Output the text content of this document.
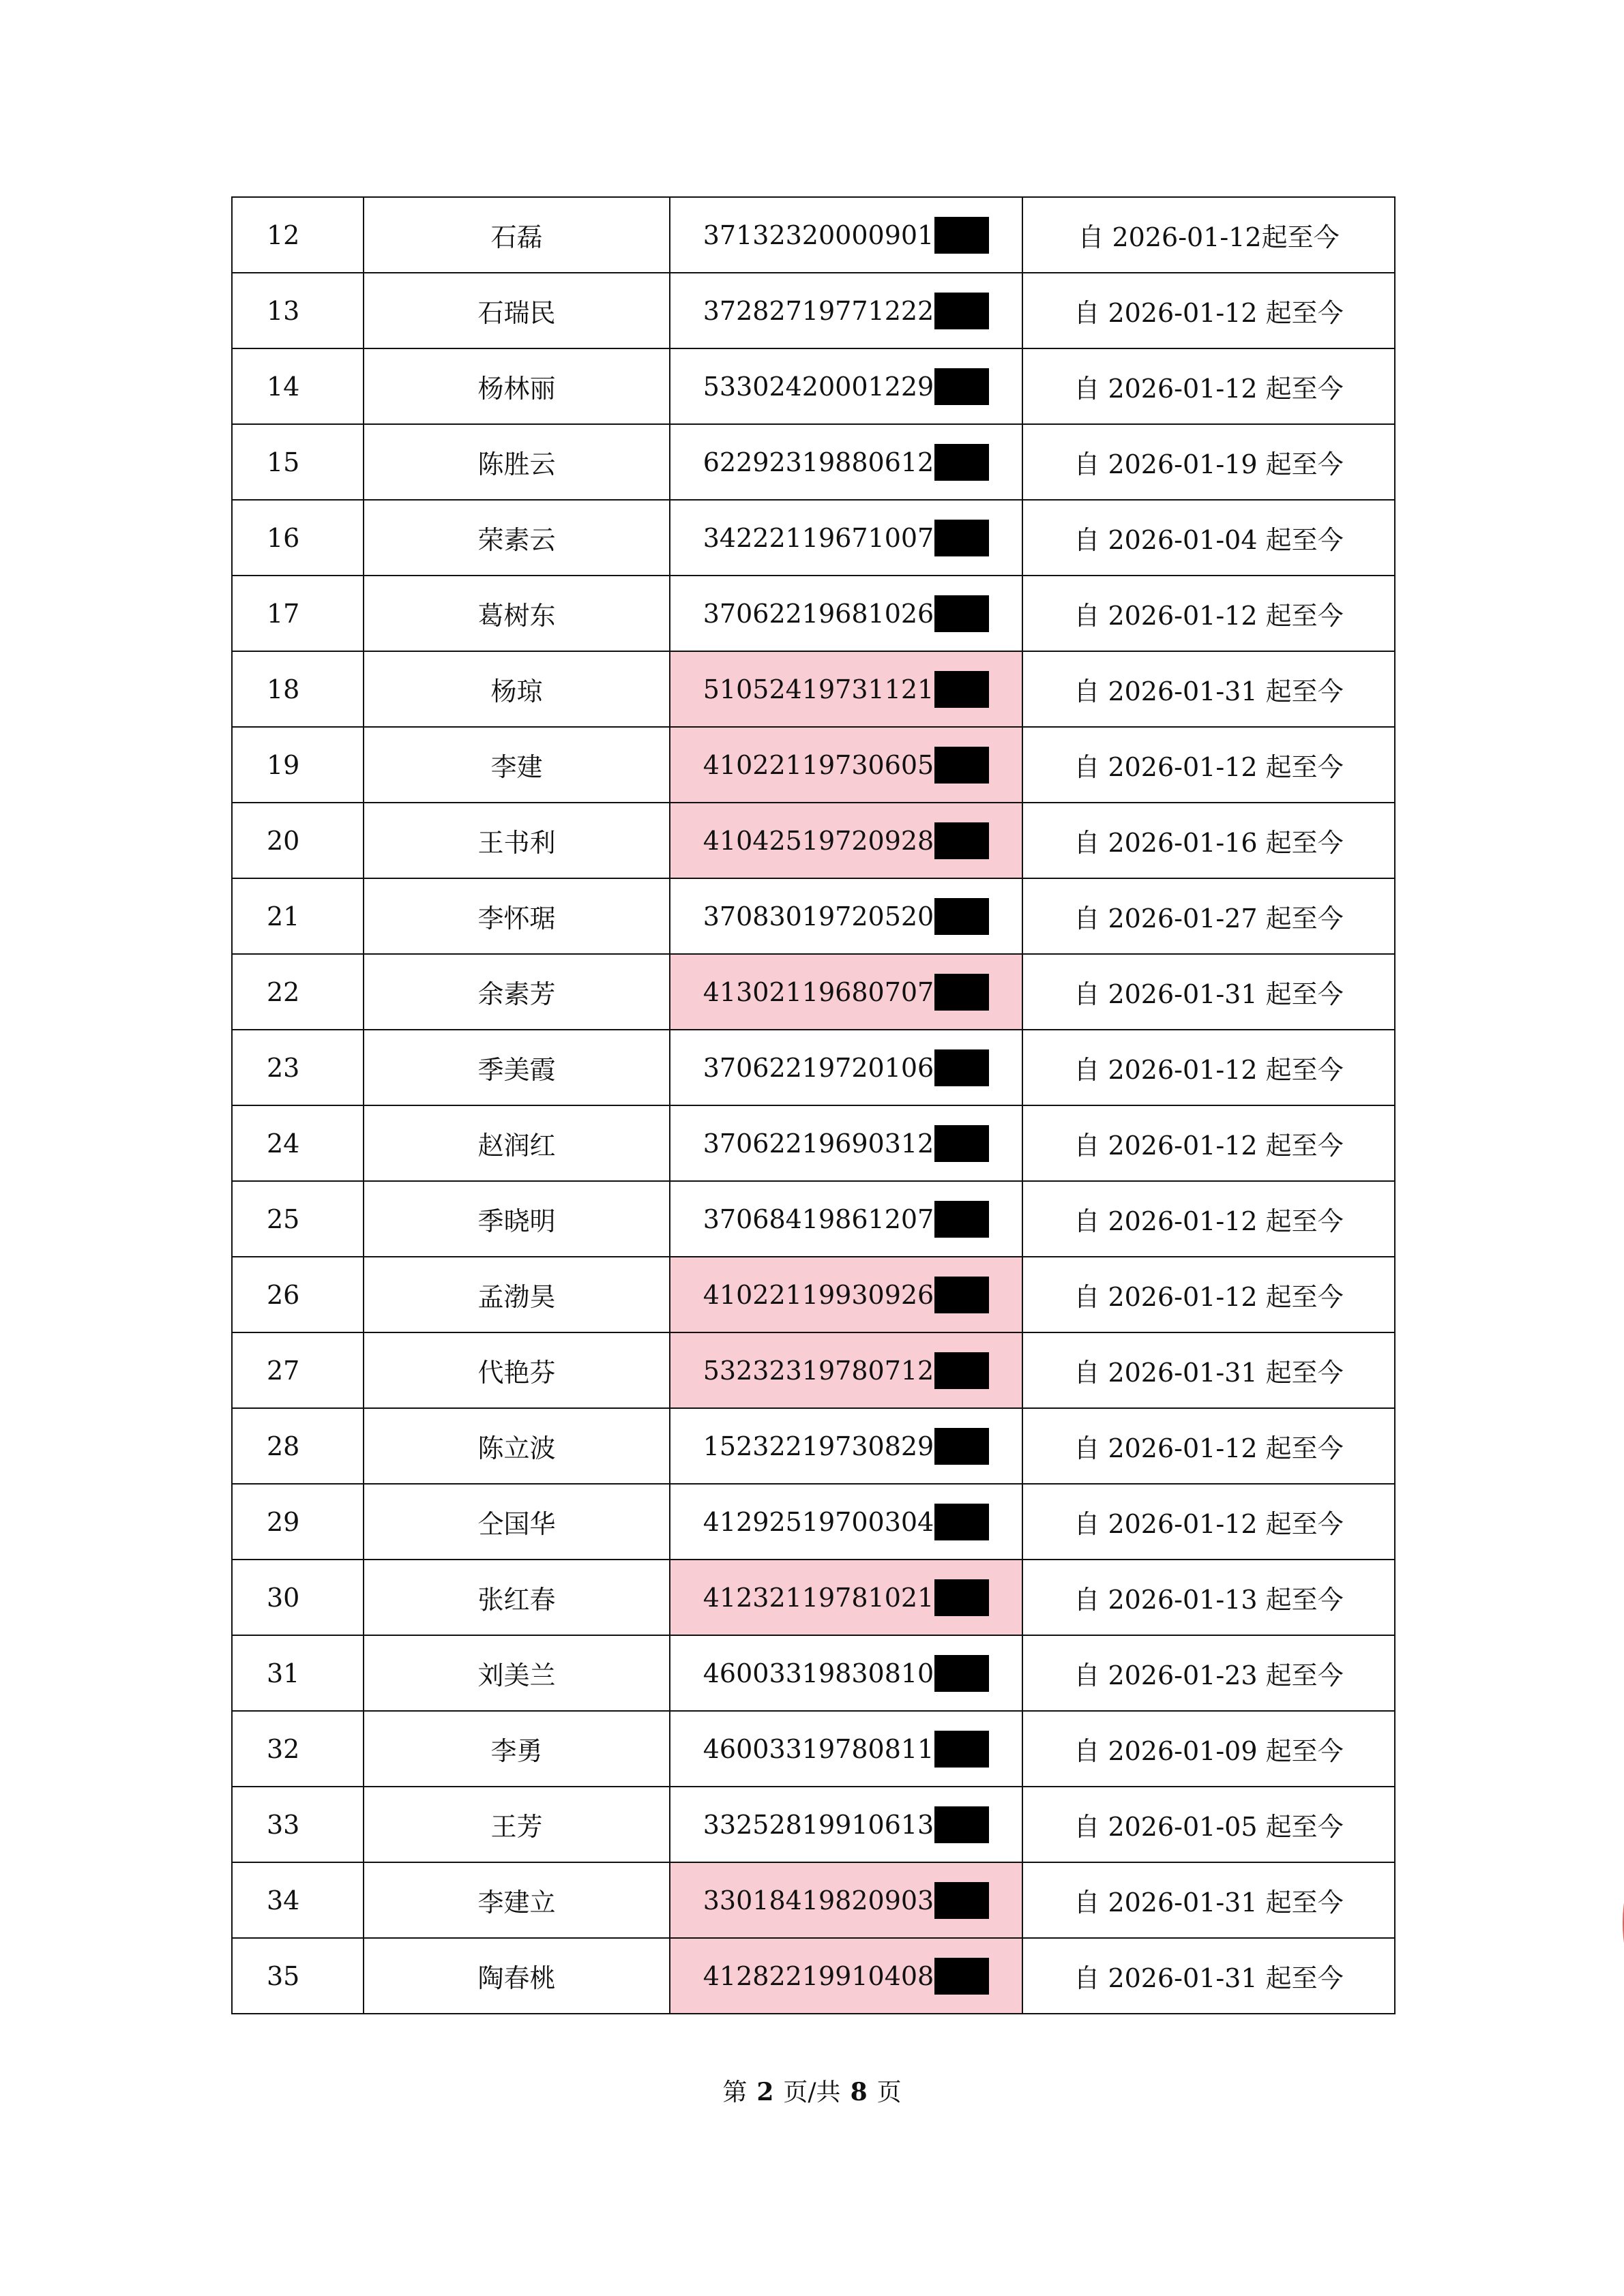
12	石磊	37132320000901	自 2026-01-12起至今
13	石瑞民	37282719771222	自 2026-01-12 起至今
14	杨林丽	53302420001229	自 2026-01-12 起至今
15	陈胜云	62292319880612	自 2026-01-19 起至今
16	荣素云	34222119671007	自 2026-01-04 起至今
17	葛树东	37062219681026	自 2026-01-12 起至今
18	杨琼	51052419731121	自 2026-01-31 起至今
19	李建	41022119730605	自 2026-01-12 起至今
20	王书利	41042519720928	自 2026-01-16 起至今
21	李怀琚	37083019720520	自 2026-01-27 起至今
22	余素芳	41302119680707	自 2026-01-31 起至今
23	季美霞	37062219720106	自 2026-01-12 起至今
24	赵润红	37062219690312	自 2026-01-12 起至今
25	季晓明	37068419861207	自 2026-01-12 起至今
26	孟渤昊	41022119930926	自 2026-01-12 起至今
27	代艳芬	53232319780712	自 2026-01-31 起至今
28	陈立波	15232219730829	自 2026-01-12 起至今
29	仝国华	41292519700304	自 2026-01-12 起至今
30	张红春	41232119781021	自 2026-01-13 起至今
31	刘美兰	46003319830810	自 2026-01-23 起至今
32	李勇	46003319780811	自 2026-01-09 起至今
33	王芳	33252819910613	自 2026-01-05 起至今
34	李建立	33018419820903	自 2026-01-31 起至今
35	陶春桃	41282219910408	自 2026-01-31 起至今
第 2 页/共 8 页
